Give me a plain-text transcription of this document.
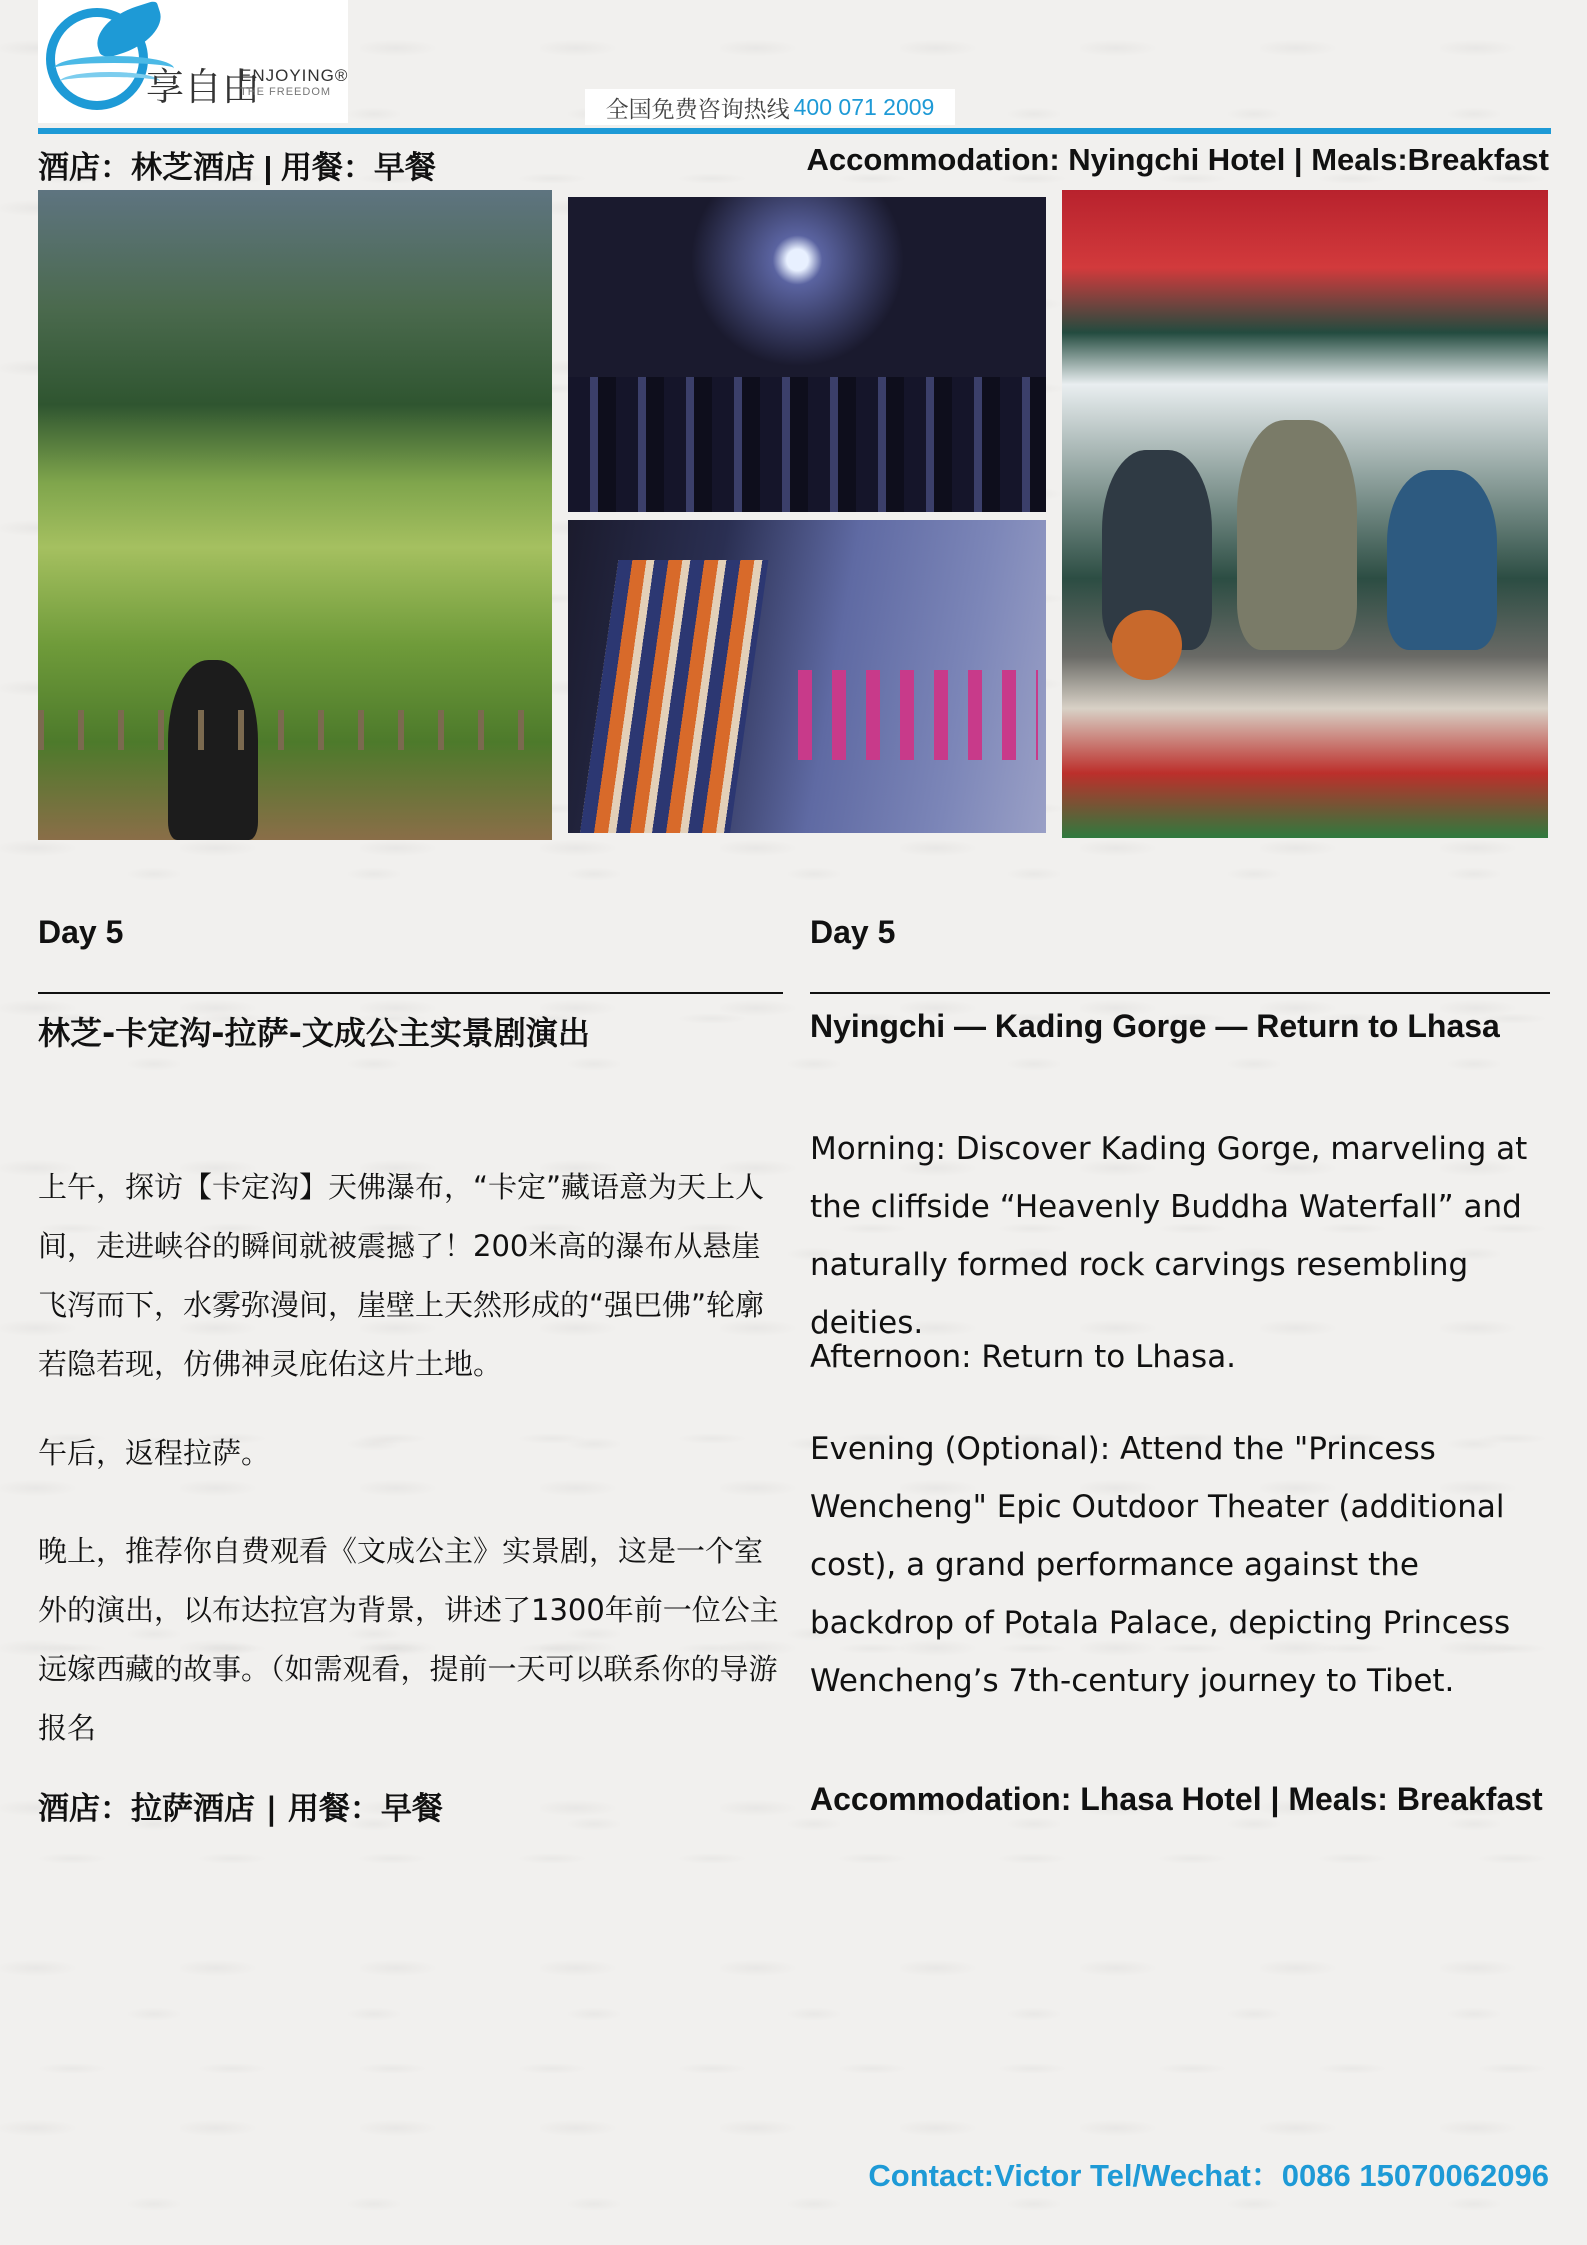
享自由
ENJOYING®
THE FREEDOM
全国免费咨询热线 400 071 2009
酒店：林芝酒店 | 用餐：早餐	Accommodation: Nyingchi Hotel | Meals:Breakfast
Day 5
林芝-卡定沟-拉萨-文成公主实景剧演出
上午，探访【卡定沟】天佛瀑布，“卡定”藏语意为天上人间，走进峡谷的瞬间就被震撼了！200米高的瀑布从悬崖飞泻而下，水雾弥漫间，崖壁上天然形成的“强巴佛”轮廓若隐若现，仿佛神灵庇佑这片土地。
午后，返程拉萨。
晚上，推荐你自费观看《文成公主》实景剧，这是一个室外的演出，以布达拉宫为背景，讲述了1300年前一位公主远嫁西藏的故事。（如需观看，提前一天可以联系你的导游报名
酒店：拉萨酒店 | 用餐：早餐
Day 5
Nyingchi — Kading Gorge — Return to Lhasa
Morning: Discover Kading Gorge, marveling at the cliffside “Heavenly Buddha Waterfall” and naturally formed rock carvings resembling deities.
Afternoon: Return to Lhasa.
Evening (Optional): Attend the "Princess Wencheng" Epic Outdoor Theater (additional cost), a grand performance against the backdrop of Potala Palace, depicting Princess Wencheng’s 7th-century journey to Tibet.
Accommodation: Lhasa Hotel | Meals: Breakfast
Contact:Victor Tel/Wechat：0086 15070062096
